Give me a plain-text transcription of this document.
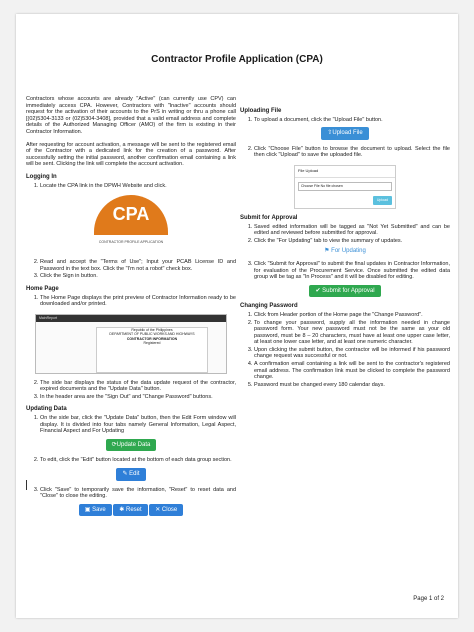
Contractor Profile Application (CPA)

Contractors whose accounts are already "Active" (can currently use CPV) can immediately access CPA. However, Contractors with "Inactive" accounts should request for the activation of their accounts to the PrS in writing or thru a phone call [(02)5304-3133 or (02)5304-3408], provided that a valid email address and complete details of the Authorized Managing Officer (AMO) of the firm is existing in their Contractor Information.

After requesting for account activation, a message will be sent to the registered email of the Contractor with a dedicated link for the creation of a password. After successfully setting the initial password, another confirmation email containing a link will be sent. Clicking the link will complete the account activation.

Logging In
1. Locate the CPA link in the DPWH Website and click.
CPA
CONTRACTOR PROFILE APPLICATION
2. Read and accept the "Terms of Use"; Input your PCAB License ID and Password in the text box. Click the "I'm not a robot" check box.
3. Click the Sign in button.
Home Page
1. The Home Page displays the print preview of Contractor Information ready to be downloaded and/or printed.
MainReport
Republic of the Philippines
DEPARTMENT OF PUBLIC WORKS AND HIGHWAYS
CONTRACTOR INFORMATION
Registered
2. The side bar displays the status of the data update request of the contractor, expired documents and the "Update Data" button.
3. In the header area are the "Sign Out" and "Change Password" buttons.
Updating Data
1. On the side bar, click the "Update Data" button, then the Edit Form window will display. It is divided into four tabs namely General Information, Legal Aspect, Financial Aspect and For Updating
⟳Update Data
2. To edit, click the "Edit" button located at the bottom of each data group section.
✎ Edit
3. Click "Save" to temporarily save the information, "Reset" to reset data and "Close" to close the editing.
▣ Save ✱ Reset ✕ Close
Uploading File
1. To upload a document, click the "Upload File" button.
⇧Upload File
2. Click "Choose File" button to browse the document to upload. Select the file then click "Upload" to save the uploaded file.
File Upload
Choose File No file chosen
Upload
Submit for Approval
1. Saved edited information will be tagged as "Not Yet Submitted" and can be edited and reviewed before submitted for approval.
2. Click the "For Updating" tab to view the summary of updates.
⚑ For Updating
3. Click "Submit for Approval" to submit the final updates in Contractor Information, for evaluation of the Procurement Service. Once submitted the edited data group will be tag as "In Process" and it will be disabled for editing.
✔ Submit for Approval
Changing Password
1. Click from Header portion of the Home page the "Change Password".
2. To change your password, supply all the information needed in change password form. Your new password must not be the same as your old password, must be 8 – 20 characters, must have at least one upper case letter, at least one lower case letter, and at least one numeric character.
3. Upon clicking the submit button, the contractor will be informed if his password change request was successful or not.
4. A confirmation email containing a link will be sent to the contractor's registered email address. The confirmation link must be clicked to complete the password change.
5. Password must be changed every 180 calendar days.
Page 1 of 2
